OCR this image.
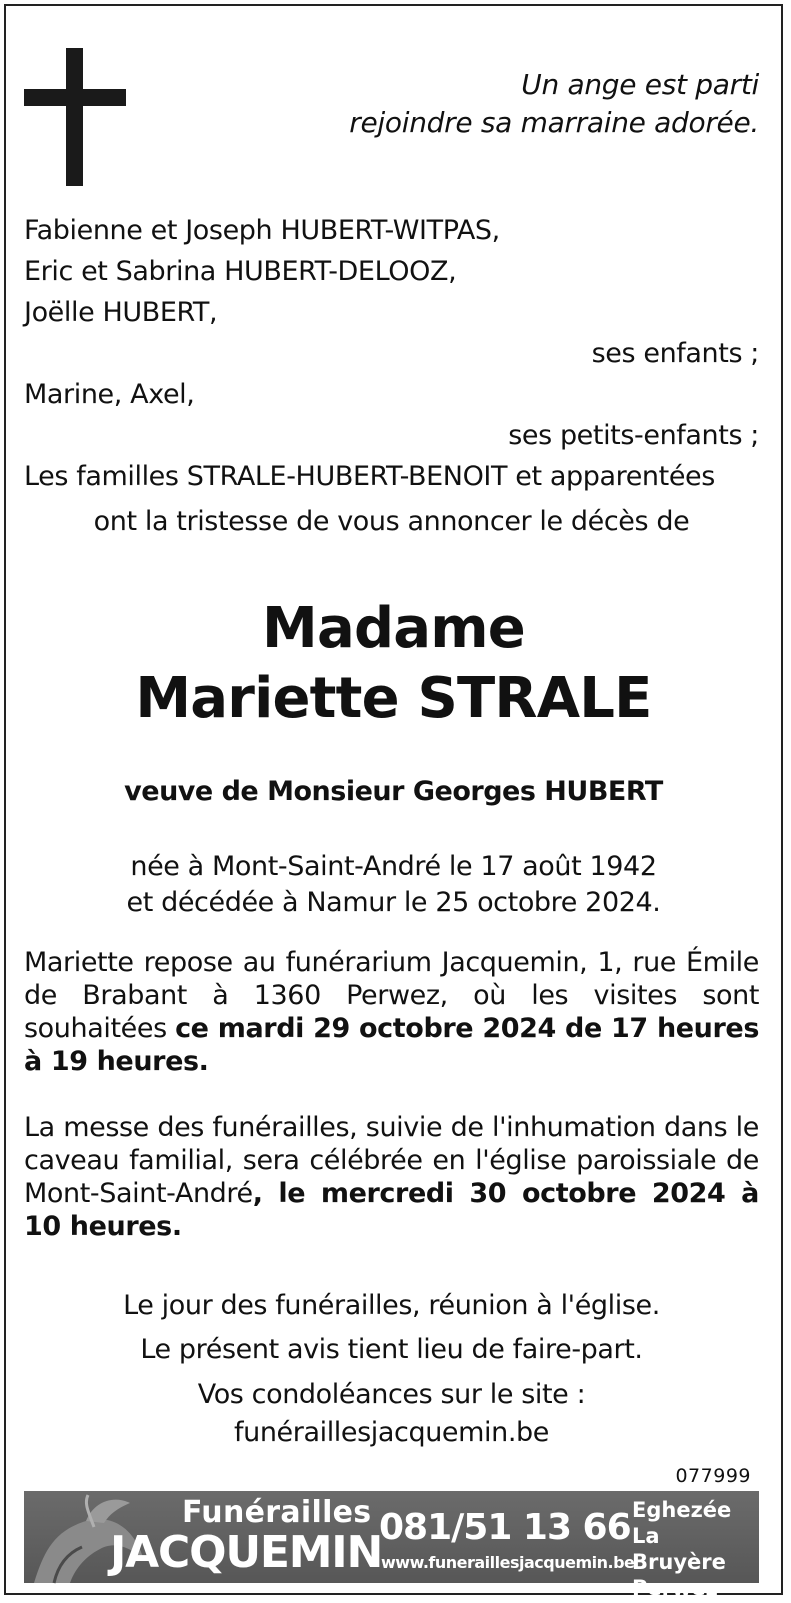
Un ange est parti
rejoindre sa marraine adorée.
Fabienne et Joseph HUBERT-WITPAS,
Eric et Sabrina HUBERT-DELOOZ,
Joëlle HUBERT,
ses enfants ;
Marine, Axel,
ses petits-enfants ;
Les familles STRALE-HUBERT-BENOIT et apparentées
ont la tristesse de vous annoncer le décès de
Madame
Mariette STRALE
veuve de Monsieur Georges HUBERT
née à Mont-Saint-André le 17 août 1942
et décédée à Namur le 25 octobre 2024.
Mariette repose au funérarium Jacquemin, 1, rue Émile de Brabant à 1360 Perwez, où les visites sont souhaitées ce mardi 29 octobre 2024 de 17 heures à 19 heures.
La messe des funérailles, suivie de l'inhumation dans le caveau familial, sera célébrée en l'église paroissiale de Mont-Saint-André, le mercredi 30 octobre 2024 à 10 heures.
Le jour des funérailles, réunion à l'église.
Le présent avis tient lieu de faire-part.
Vos condoléances sur le site :
funéraillesjacquemin.be
077999
Funérailles
JACQUEMIN
081/51 13 66
www.funeraillesjacquemin.be
Eghezée
La Bruyère
Perwez
